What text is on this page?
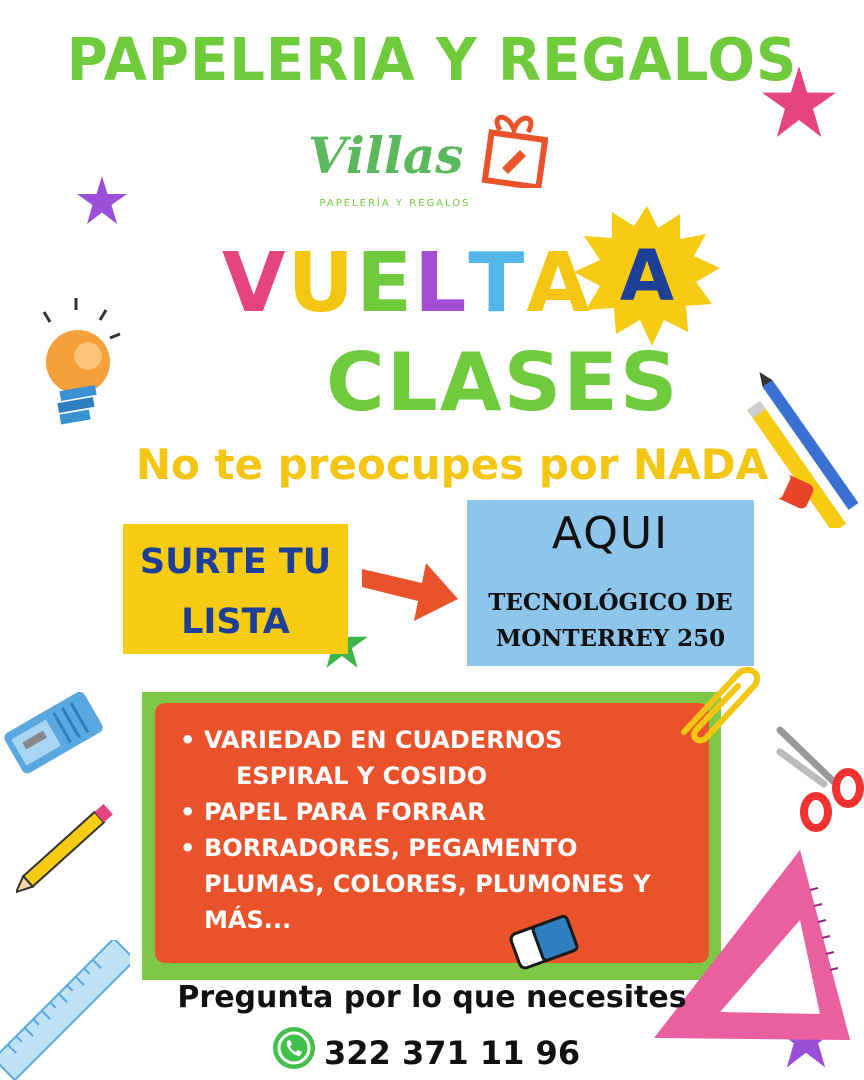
PAPELERIA Y REGALOS
Villas
PAPELERÍA Y REGALOS
VUELTA A
CLASES
No te preocupes por NADA
SURTE TU
LISTA
AQUI
TECNOLÓGICO DE
MONTERREY 250
• VARIEDAD EN CUADERNOS
ESPIRAL Y COSIDO
• PAPEL PARA FORRAR
• BORRADORES, PEGAMENTO
PLUMAS, COLORES, PLUMONES Y
MÁS...
Pregunta por lo que necesites
322 371 11 96
